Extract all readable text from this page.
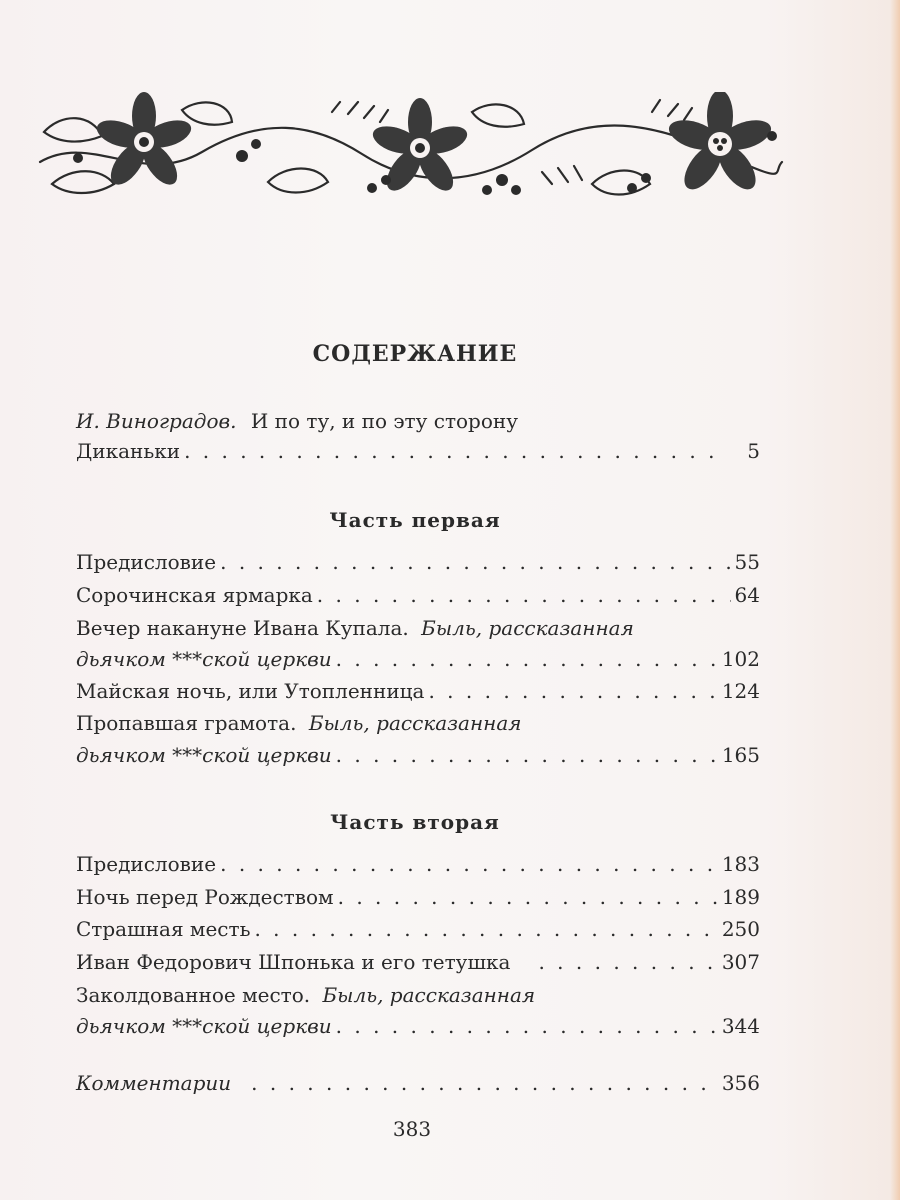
СОДЕРЖАНИЕ
И. Виноградов. И по ту, и по эту сторону
Диканьки . . .	5
Часть первая
Предисловие . . .	55
Сорочинская ярмарка . . .	64
Вечер накануне Ивана Купала. Быль, рассказанная
дьячком ***ской церкви . . .	102
Майская ночь, или Утопленница . . .	124
Пропавшая грамота. Быль, рассказанная
дьячком ***ской церкви . . .	165
Часть вторая
Предисловие . . .	183
Ночь перед Рождеством . . .	189
Страшная месть . . .	250
Иван Федорович Шпонька и его тетушка . . .	307
Заколдованное место. Быль, рассказанная
дьячком ***ской церкви . . .	344
Комментарии . . .	356
383
